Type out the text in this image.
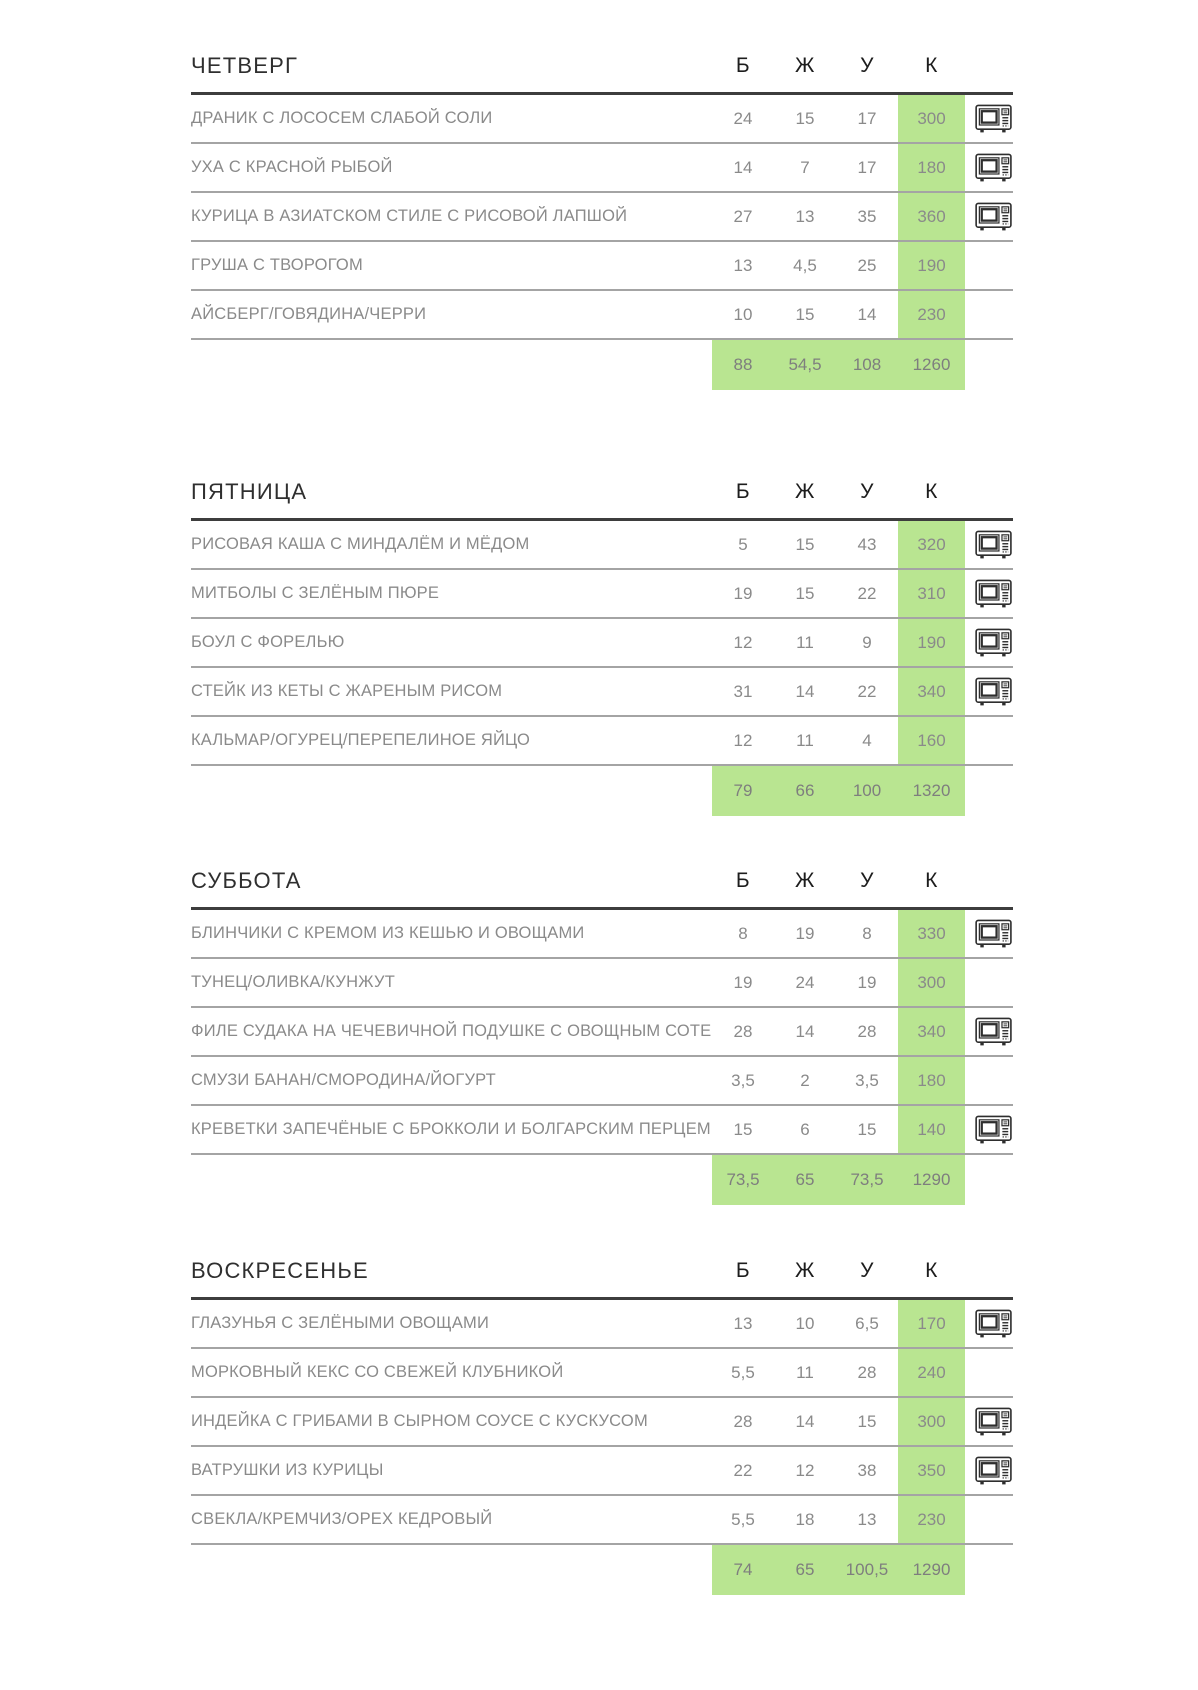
ЧЕТВЕРГ	Б	Ж	У	К
ДРАНИК С ЛОСОСЕМ СЛАБОЙ СОЛИ	24	15	17	300
УХА С КРАСНОЙ РЫБОЙ	14	7	17	180
КУРИЦА В АЗИАТСКОМ СТИЛЕ С РИСОВОЙ ЛАПШОЙ	27	13	35	360
ГРУША С ТВОРОГОМ	13	4,5	25	190
АЙСБЕРГ/ГОВЯДИНА/ЧЕРРИ	10	15	14	230
88	54,5	108	1260
ПЯТНИЦА	Б	Ж	У	К
РИСОВАЯ КАША С МИНДАЛЁМ И МЁДОМ	5	15	43	320
МИТБОЛЫ С ЗЕЛЁНЫМ ПЮРЕ	19	15	22	310
БОУЛ С ФОРЕЛЬЮ	12	11	9	190
СТЕЙК ИЗ КЕТЫ С ЖАРЕНЫМ РИСОМ	31	14	22	340
КАЛЬМАР/ОГУРЕЦ/ПЕРЕПЕЛИНОЕ ЯЙЦО	12	11	4	160
79	66	100	1320
СУББОТА	Б	Ж	У	К
БЛИНЧИКИ С КРЕМОМ ИЗ КЕШЬЮ И ОВОЩАМИ	8	19	8	330
ТУНЕЦ/ОЛИВКА/КУНЖУТ	19	24	19	300
ФИЛЕ СУДАКА НА ЧЕЧЕВИЧНОЙ ПОДУШКЕ С ОВОЩНЫМ СОТЕ	28	14	28	340
СМУЗИ БАНАН/СМОРОДИНА/ЙОГУРТ	3,5	2	3,5	180
КРЕВЕТКИ ЗАПЕЧЁНЫЕ С БРОККОЛИ И БОЛГАРСКИМ ПЕРЦЕМ	15	6	15	140
73,5	65	73,5	1290
ВОСКРЕСЕНЬЕ	Б	Ж	У	К
ГЛАЗУНЬЯ С ЗЕЛЁНЫМИ ОВОЩАМИ	13	10	6,5	170
МОРКОВНЫЙ КЕКС СО СВЕЖЕЙ КЛУБНИКОЙ	5,5	11	28	240
ИНДЕЙКА С ГРИБАМИ В СЫРНОМ СОУСЕ С КУСКУСОМ	28	14	15	300
ВАТРУШКИ ИЗ КУРИЦЫ	22	12	38	350
СВЕКЛА/КРЕМЧИЗ/ОРЕХ КЕДРОВЫЙ	5,5	18	13	230
74	65	100,5	1290
